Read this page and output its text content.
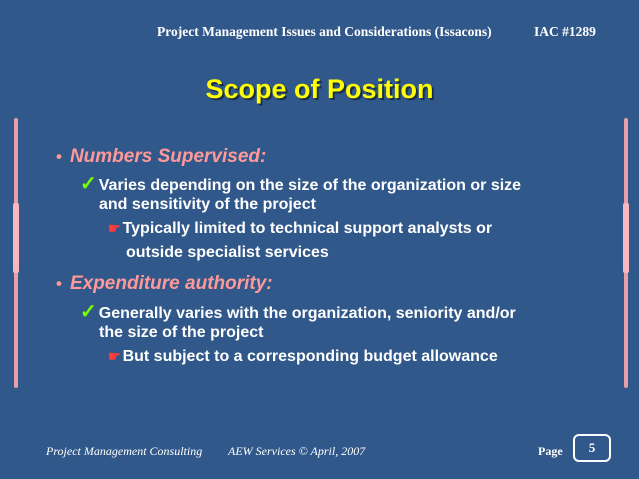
Project Management Issues and Considerations (Issacons)	IAC #1289
Scope of Position
• Numbers Supervised:
✓ Varies depending on the size of the organization or size
and sensitivity of the project
☛ Typically limited to technical support analysts or
outside specialist services
• Expenditure authority:
✓ Generally varies with the organization, seniority and/or
the size of the project
☛ But subject to a corresponding budget allowance
Project Management Consulting AEW Services © April, 2007	Page	5
